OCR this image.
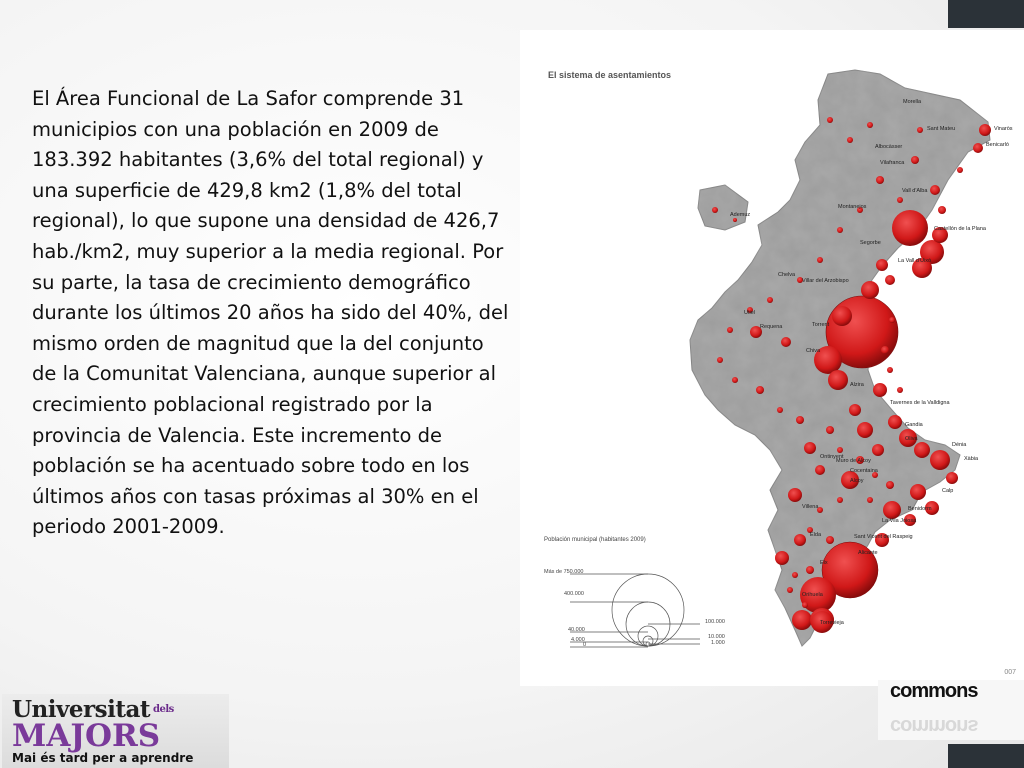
El Área Funcional de La Safor comprende 31 municipios con una población en 2009 de 183.392 habitantes (3,6% del total regional) y una superficie de 429,8 km2 (1,8% del total regional), lo que supone una densidad de 426,7 hab./km2, muy superior a la media regional. Por su parte, la tasa de crecimiento demográfico durante los últimos 20 años ha sido del 40%, del mismo orden de magnitud que la del conjunto de la Comunitat Valenciana, aunque superior al crecimiento poblacional registrado por la provincia de Valencia. Este incremento de población se ha acentuado sobre todo en los últimos años con tasas próximas al 30% en el periodo 2001-2009.
El sistema de asentamientos
Morella
Vinaròs
Benicarló
Sant Mateu
Albocàsser
Vilafranca
Vall d'Alba
Montanejos
Ademuz
Castellón de la Plana
La Vall d'Uixó
Segorbe
Chelva
Villar del Arzobispo
Utiel
Requena	Torrent
Chiva
Alzira
Tavernes de la Valldigna
Gandia
Oliva
Dénia
Xàbia
Ontinyent
Cocentaina
Muro de Alcoy
Alcoy
Calp
Benidorm
La Vila Joiosa
Villena
Elda	Sant Vicent del Raspeig
Alicante
Elx
Orihuela
Torrevieja
Población municipal (habitantes 2009)
Más de 750.000
400.000
40.000
4.000
0
100.000
10.000
1.000
007
commons
commons
Universitat $^{dels}$
MAJORS
Mai és tard per a aprendre
